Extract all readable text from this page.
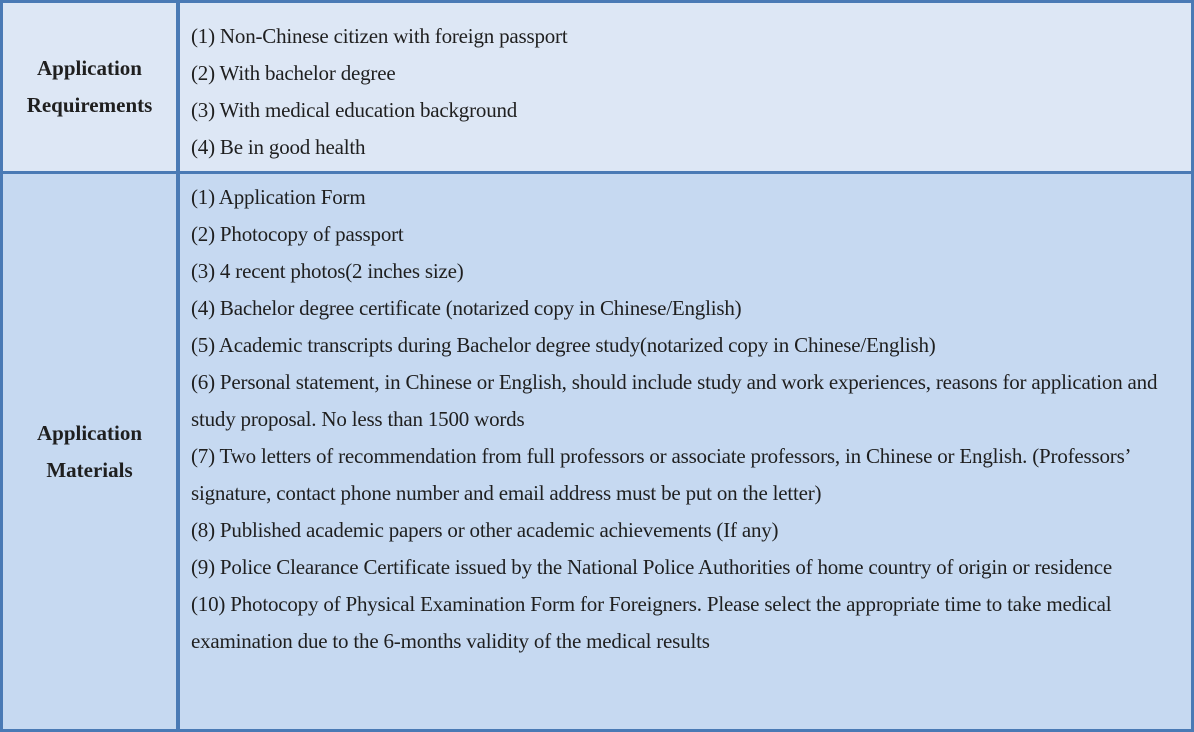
Application
Requirements
(1) Non-Chinese citizen with foreign passport
(2) With bachelor degree
(3) With medical education background
(4) Be in good health
Application
Materials
(1) Application Form
(2) Photocopy of passport
(3) 4 recent photos(2 inches size)
(4) Bachelor degree certificate (notarized copy in Chinese/English)
(5) Academic transcripts during Bachelor degree study(notarized copy in Chinese/English)
(6) Personal statement, in Chinese or English, should include study and work experiences, reasons for application and study proposal. No less than 1500 words
(7) Two letters of recommendation from full professors or associate professors, in Chinese or English. (Professors’ signature, contact phone number and email address must be put on the letter)
(8) Published academic papers or other academic achievements (If any)
(9) Police Clearance Certificate issued by the National Police Authorities of home country of origin or residence
(10) Photocopy of Physical Examination Form for Foreigners. Please select the appropriate time to take medical examination due to the 6-months validity of the medical results
